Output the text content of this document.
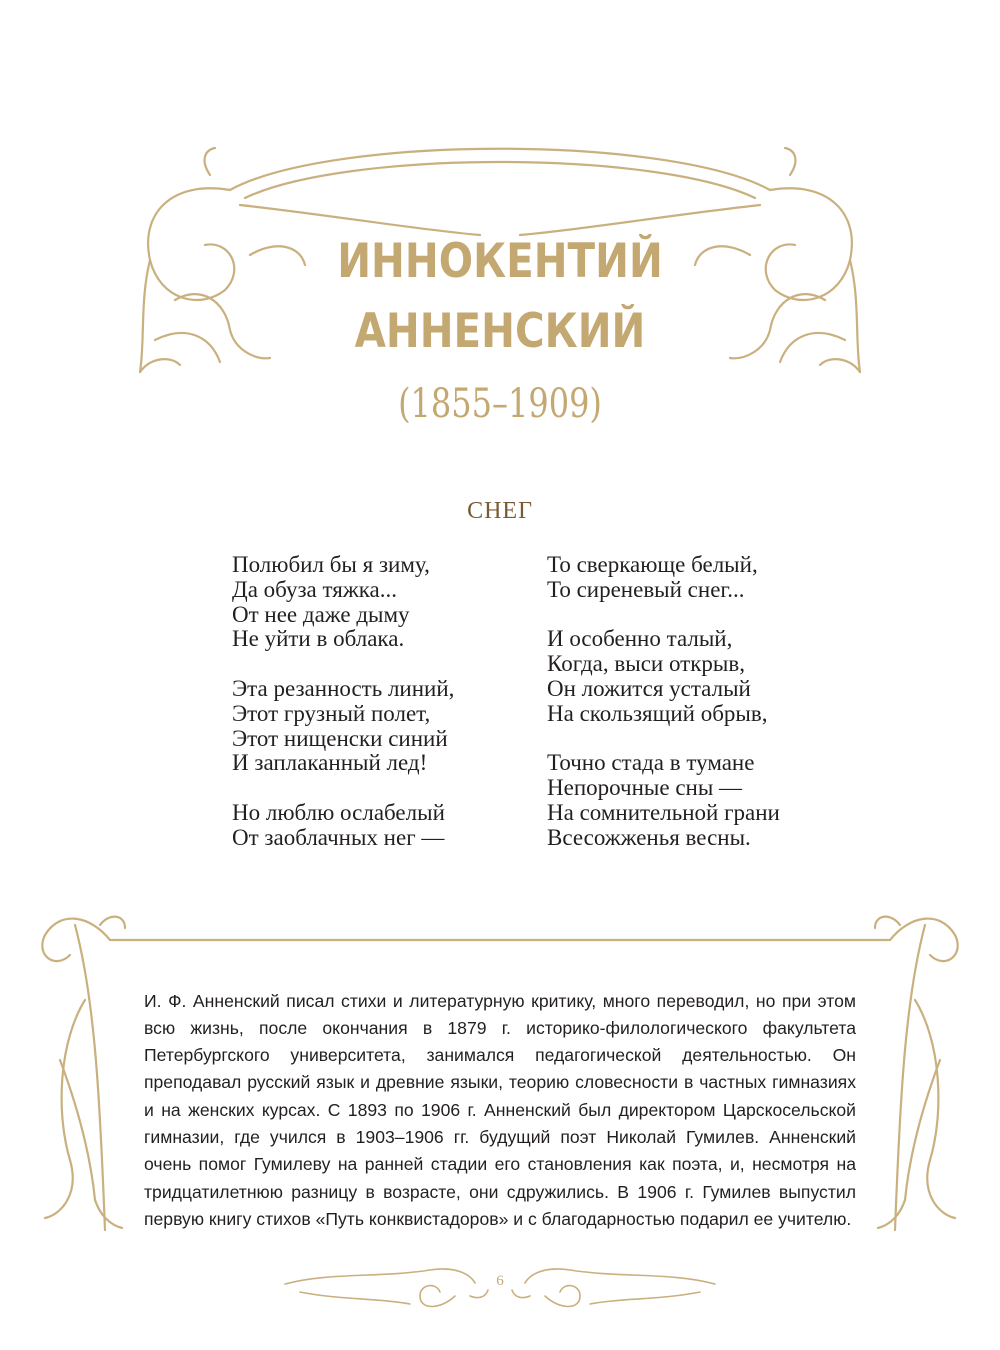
ИННОКЕНТИЙ
АННЕНСКИЙ
(1855–1909)
СНЕГ
Полюбил бы я зиму,
Да обуза тяжка...
От нее даже дыму
Не уйти в облака.
Эта резанность линий,
Этот грузный полет,
Этот нищенски синий
И заплаканный лед!
Но люблю ослабелый
От заоблачных нег —
То сверкающе белый,
То сиреневый снег...
И особенно талый,
Когда, выси открыв,
Он ложится усталый
На скользящий обрыв,
Точно стада в тумане
Непорочные сны —
На сомнительной грани
Всесожженья весны.

И. Ф. Анненский писал стихи и литературную критику, много переводил, но при этом всю жизнь, после окончания в 1879 г. историко-филологического факультета Петербургского университета, занимался педагогической деятельностью. Он преподавал русский язык и древние языки, теорию словесности в частных гимназиях и на женских курсах. С 1893 по 1906 г. Анненский был директором Царскосельской гимназии, где учился в 1903–1906 гг. будущий поэт Николай Гумилев. Анненский очень помог Гумилеву на ранней стадии его становления как поэта, и, несмотря на тридцатилетнюю разницу в возрасте, они сдружились. В 1906 г. Гумилев выпустил первую книгу стихов «Путь конквистадоров» и с благодарностью подарил ее учителю.

6
